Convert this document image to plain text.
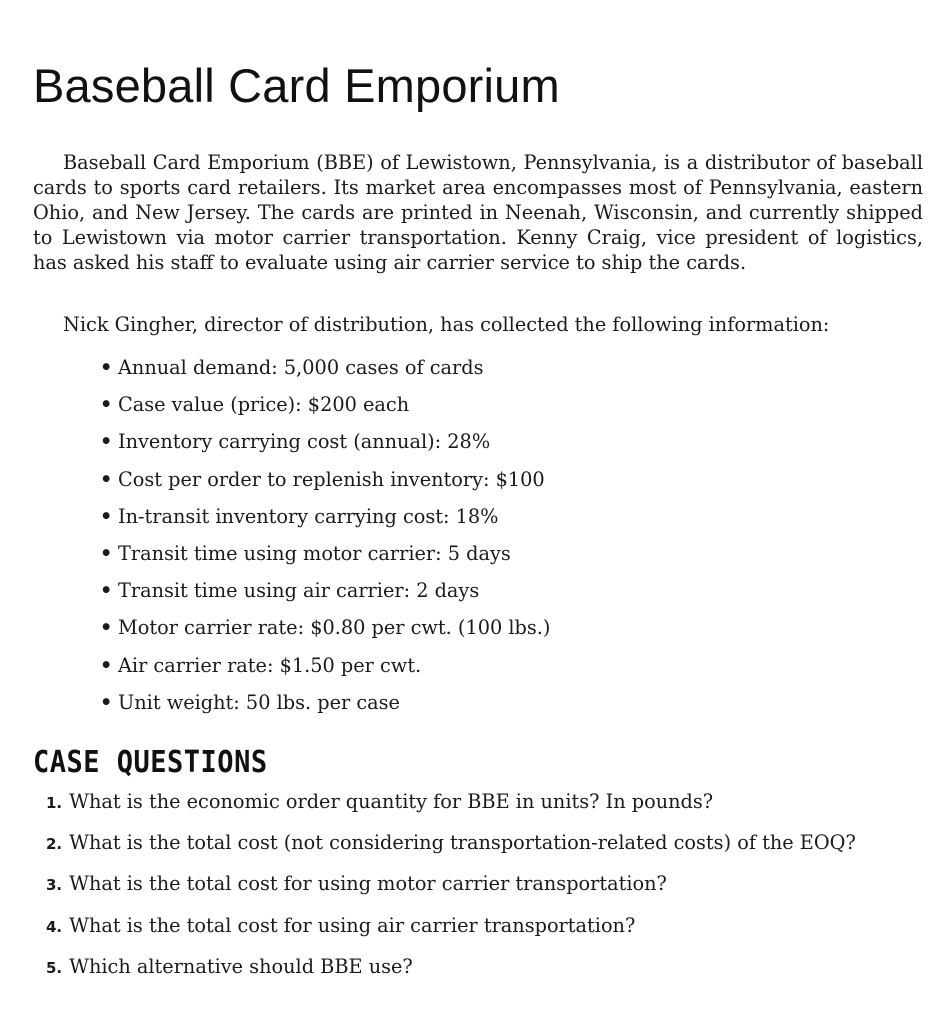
Baseball Card Emporium

Baseball Card Emporium (BBE) of Lewistown, Pennsylvania, is a distributor of baseball cards to sports card retailers. Its market area encompasses most of Pennsylvania, eastern Ohio, and New Jersey. The cards are printed in Neenah, Wisconsin, and currently shipped to Lewistown via motor carrier transportation. Kenny Craig, vice president of logistics, has asked his staff to evaluate using air carrier service to ship the cards.

Nick Gingher, director of distribution, has collected the following information:

• Annual demand: 5,000 cases of cards
• Case value (price): $200 each
• Inventory carrying cost (annual): 28%
• Cost per order to replenish inventory: $100
• In-transit inventory carrying cost: 18%
• Transit time using motor carrier: 5 days
• Transit time using air carrier: 2 days
• Motor carrier rate: $0.80 per cwt. (100 lbs.)
• Air carrier rate: $1.50 per cwt.
• Unit weight: 50 lbs. per case
CASE QUESTIONS
1. What is the economic order quantity for BBE in units? In pounds?
2. What is the total cost (not considering transportation-related costs) of the EOQ?
3. What is the total cost for using motor carrier transportation?
4. What is the total cost for using air carrier transportation?
5. Which alternative should BBE use?
